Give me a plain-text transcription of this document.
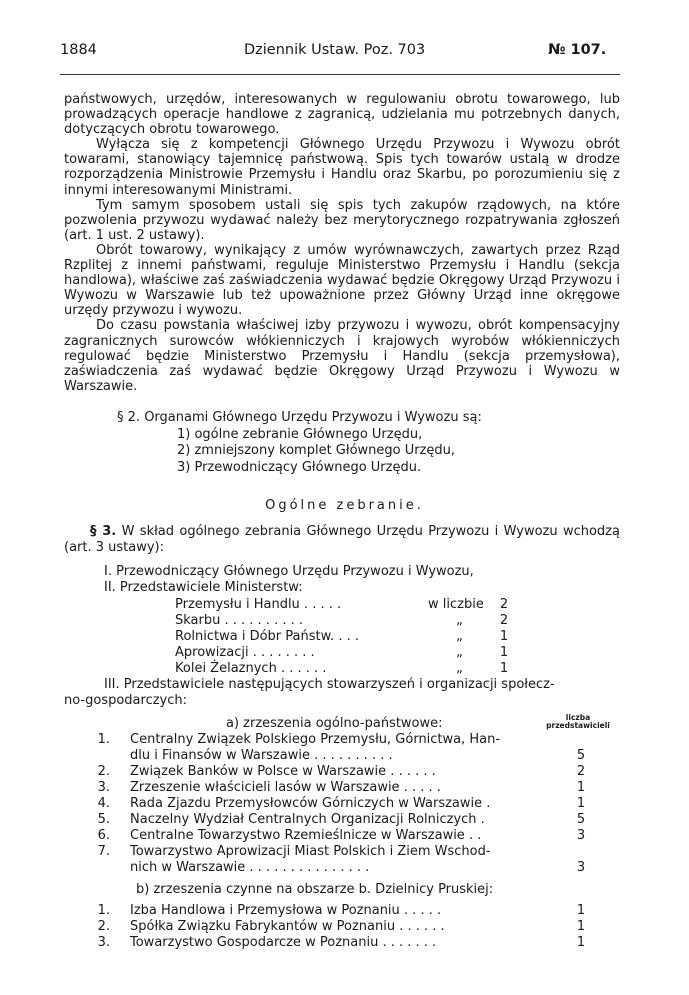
1884	Dziennik Ustaw. Poz. 703	№ 107.

państwowych, urzędów, interesowanych w regulowaniu obrotu towarowego, lub prowadzących operacje handlowe z zagranicą, udzielania mu potrzebnych danych, dotyczących obrotu towarowego.

Wyłącza się z kompetencji Głównego Urzędu Przywozu i Wywozu obrót towarami, stanowiący tajemnicę państwową. Spis tych towarów ustalą w drodze rozporządzenia Ministrowie Przemysłu i Handlu oraz Skarbu, po porozumieniu się z innymi interesowanymi Ministrami.

Tym samym sposobem ustali się spis tych zakupów rządowych, na które pozwolenia przywozu wydawać należy bez merytorycznego rozpatrywania zgłoszeń (art. 1 ust. 2 ustawy).

Obrót towarowy, wynikający z umów wyrównawczych, zawartych przez Rząd Rzplitej z innemi państwami, reguluje Ministerstwo Przemysłu i Handlu (sekcja handlowa), właściwe zaś zaświadczenia wydawać będzie Okręgowy Urząd Przywozu i Wywozu w Warszawie lub też upoważnione przez Główny Urząd inne okręgowe urzędy przywozu i wywozu.

Do czasu powstania właściwej izby przywozu i wywozu, obrót kompensacyjny zagranicznych surowców włókienniczych i krajowych wyrobów włókienniczych regulować będzie Ministerstwo Przemysłu i Handlu (sekcja przemysłowa), zaświadczenia zaś wydawać będzie Okręgowy Urząd Przywozu i Wywozu w Warszawie.

§ 2. Organami Głównego Urzędu Przywozu i Wywozu są:
1) ogólne zebranie Głównego Urzędu,
2) zmniejszony komplet Głównego Urzędu,
3) Przewodniczący Głównego Urzędu.
Ogólne zebranie.
§ 3. W skład ogólnego zebrania Głównego Urzędu Przywozu i Wywozu wchodzą (art. 3 ustawy):
I. Przewodniczący Głównego Urzędu Przywozu i Wywozu,
II. Przedstawiciele Ministerstw:
Przemysłu i Handlu . . . . .	w liczbie	2
Skarbu . . . . . . . . . .	„	2
Rolnictwa i Dóbr Państw. . . .	„	1
Aprowizacji . . . . . . . .	„	1
Kolei Żelaznych . . . . . .	„	1
III. Przedstawiciele następujących stowarzyszeń i organizacji społecz-
no-gospodarczych:
liczba przedstawicieli
a) zrzeszenia ogólno-państwowe:
1. Centralny Związek Polskiego Przemysłu, Górnictwa, Han-
dlu i Finansów w Warszawie . . . . . . . . . .	5
2. Związek Banków w Polsce w Warszawie . . . . . .	2
3. Zrzeszenie właścicieli lasów w Warszawie . . . . .	1
4. Rada Zjazdu Przemysłowców Górniczych w Warszawie .	1
5. Naczelny Wydział Centralnych Organizacji Rolniczych .	5
6. Centralne Towarzystwo Rzemieślnicze w Warszawie . .	3
7. Towarzystwo Aprowizacji Miast Polskich i Ziem Wschod-
nich w Warszawie . . . . . . . . . . . . . . .	3
b) zrzeszenia czynne na obszarze b. Dzielnicy Pruskiej:
1. Izba Handlowa i Przemysłowa w Poznaniu . . . . .	1
2. Spółka Związku Fabrykantów w Poznaniu . . . . . .	1
3. Towarzystwo Gospodarcze w Poznaniu . . . . . . .	1
